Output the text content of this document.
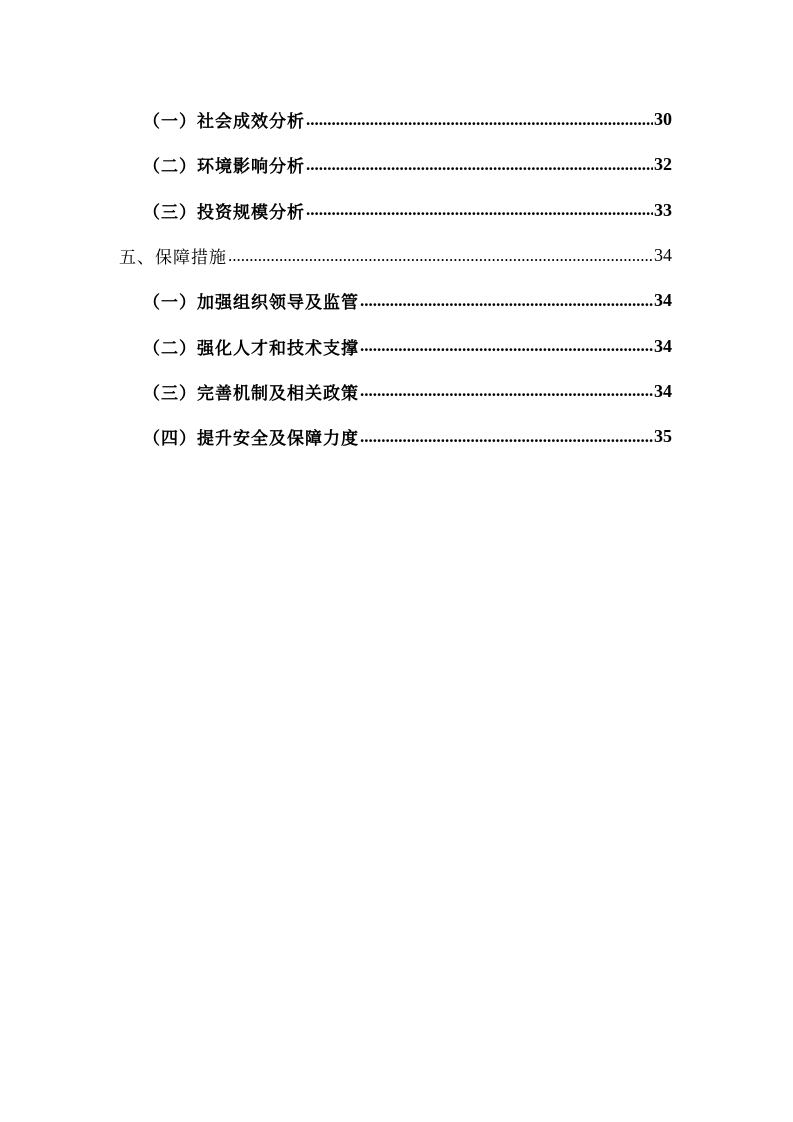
（一）社会成效分析 .....	30
（二）环境影响分析 .....	32
（三）投资规模分析 .....	33
五、保障措施 .....	34
（一）加强组织领导及监管 .....	34
（二）强化人才和技术支撑 .....	34
（三）完善机制及相关政策 .....	34
（四）提升安全及保障力度 .....	35
